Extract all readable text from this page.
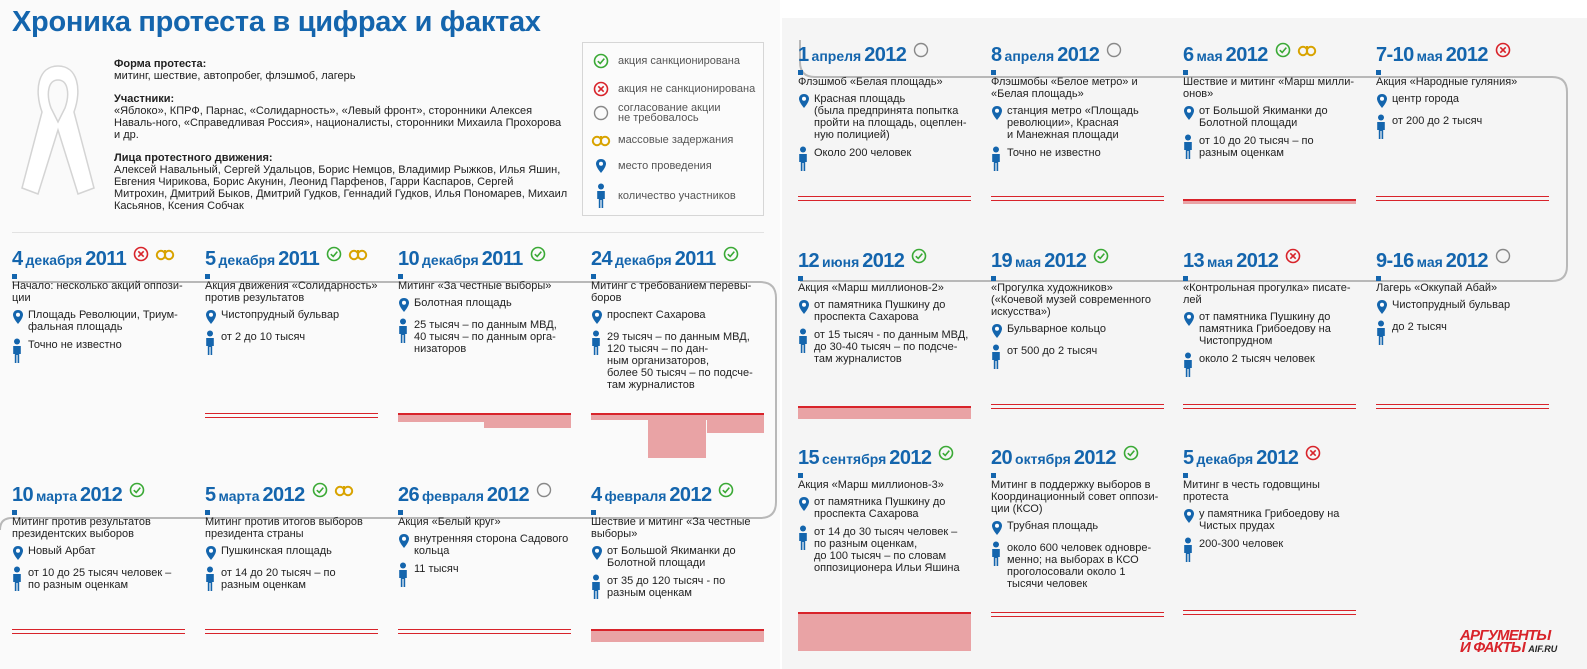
Хроника протеста в цифрах и фактах
Форма протеста:
митинг, шествие, автопробег, флэшмоб, лагерь
Участники:
«Яблоко», КПРФ, Парнас, «Солидарность», «Левый фронт», сторонники Алексея Наваль-ного, «Справедливая Россия», националисты, сторонники Михаила Прохорова и др.
Лица протестного движения:
Алексей Навальный, Сергей Удальцов, Борис Немцов, Владимир Рыжков, Илья Яшин, Евгения Чирикова, Борис Акунин, Леонид Парфенов, Гарри Каспаров, Сергей Митрохин, Дмитрий Быков, Дмитрий Гудков, Геннадий Гудков, Илья Пономарев, Михаил Касьянов, Ксения Собчак
акция санкционирована
акция не санкционирована
согласование акции не требовалось
массовые задержания
место проведения
количество участников
4 декабря 2011
Начало: несколько акций оппози-
ции
Площадь Революции, Триум-
фальная площадь
Точно не известно
5 декабря 2011
Акция движения «Солидарность»
против результатов
Чистопрудный бульвар
от 2 до 10 тысяч
10 декабря 2011
Митинг «За честные выборы»
Болотная площадь
25 тысяч – по данным МВД,
40 тысяч – по данным орга-
низаторов
24 декабря 2011
Митинг с требованием перевы-
боров
проспект Сахарова
29 тысяч – по данным МВД,
120 тысяч – по дан-
ным организаторов,
более 50 тысяч – по подсче-
там журналистов
4 февраля 2012
Шествие и митинг «За честные
выборы»
от Большой Якиманки до
Болотной площади
от 35 до 120 тысяч - по
разным оценкам
26 февраля 2012
Акция «Белый круг»
внутренняя сторона Садового
кольца
11 тысяч
5 марта 2012
Митинг против итогов выборов
президента страны
Пушкинская площадь
от 14 до 20 тысяч – по
разным оценкам
10 марта 2012
Митинг против результатов
президентских выборов
Новый Арбат
от 10 до 25 тысяч человек –
по разным оценкам
1 апреля 2012
Флэшмоб «Белая площадь»
Красная площадь
(была предпринята попытка
пройти на площадь, оцеплен-
ную полицией)
Около 200 человек
8 апреля 2012
Флэшмобы «Белое метро» и
«Белая площадь»
станция метро «Площадь
революции», Красная
и Манежная площади
Точно не известно
6 мая 2012
Шествие и митинг «Марш милли-
онов»
от Большой Якиманки до
Болотной площади
от 10 до 20 тысяч – по
разным оценкам
7-10 мая 2012
Акция «Народные гуляния»
центр города
от 200 до 2 тысяч
9-16 мая 2012
Лагерь «Оккупай Абай»
Чистопрудный бульвар
до 2 тысяч
13 мая 2012
«Контрольная прогулка» писате-
лей
от памятника Пушкину до
памятника Грибоедову на
Чистопрудном
около 2 тысяч человек
19 мая 2012
«Прогулка художников»
(«Кочевой музей современного
искусства»)
Бульварное кольцо
от 500 до 2 тысяч
12 июня 2012
Акция «Марш миллионов-2»
от памятника Пушкину до
проспекта Сахарова
от 15 тысяч - по данным МВД,
до 30-40 тысяч – по подсче-
там журналистов
15 сентября 2012
Акция «Марш миллионов-3»
от памятника Пушкину до
проспекта Сахарова
от 14 до 30 тысяч человек –
по разным оценкам,
до 100 тысяч – по словам
оппозиционера Ильи Яшина
20 октября 2012
Митинг в поддержку выборов в
Координационный совет оппози-
ции (КСО)
Трубная площадь
около 600 человек одновре-
менно; на выборах в КСО
проголосовали около 1
тысячи человек
5 декабря 2012
Митинг в честь годовщины
протеста
у памятника Грибоедову на
Чистых прудах
200-300 человек
АРГУМЕНТЫ
И ФАКТЫ AIF.RU
